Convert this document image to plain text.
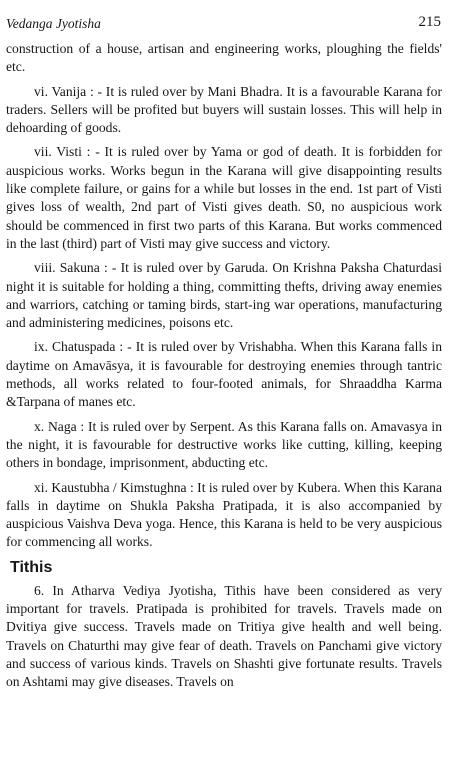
Vedanga Jyotisha	215

construction of a house, artisan and engineering works, ploughing the fields' etc.

vi. Vanija : - It is ruled over by Mani Bhadra. It is a favourable Karana for traders. Sellers will be profited but buyers will sustain losses. This will help in dehoarding of goods.

vii. Visti : - It is ruled over by Yama or god of death. It is forbidden for auspicious works. Works begun in the Karana will give disappointing results like complete failure, or gains for a while but losses in the end. 1st part of Visti gives loss of wealth, 2nd part of Visti gives death. S0, no auspicious work should be commenced in first two parts of this Karana. But works commenced in the last (third) part of Visti may give success and victory.

viii. Sakuna : - It is ruled over by Garuda. On Krishna Paksha Chaturdasi night it is suitable for holding a thing, committing thefts, driving away enemies and warriors, catching or taming birds, start-ing war operations, manufacturing and administering medicines, poisons etc.

ix. Chatuspada : - It is ruled over by Vrishabha. When this Karana falls in daytime on Amavāsya, it is favourable for destroying enemies through tantric methods, all works related to four-footed animals, for Shraaddha Karma &Tarpana of manes etc.

x. Naga : It is ruled over by Serpent. As this Karana falls on. Amavasya in the night, it is favourable for destructive works like cutting, killing, keeping others in bondage, imprisonment, abducting etc.

xi. Kaustubha / Kimstughna : It is ruled over by Kubera. When this Karana falls in daytime on Shukla Paksha Pratipada, it is also accompanied by auspicious Vaishva Deva yoga. Hence, this Karana is held to be very auspicious for commencing all works.

Tithis

6. In Atharva Vediya Jyotisha, Tithis have been considered as very important for travels. Pratipada is prohibited for travels. Travels made on Dvitiya give success. Travels made on Tritiya give health and well being. Travels on Chaturthi may give fear of death. Travels on Panchami give victory and success of various kinds. Travels on Shashti give fortunate results. Travels on Ashtami may give diseases. Travels on
